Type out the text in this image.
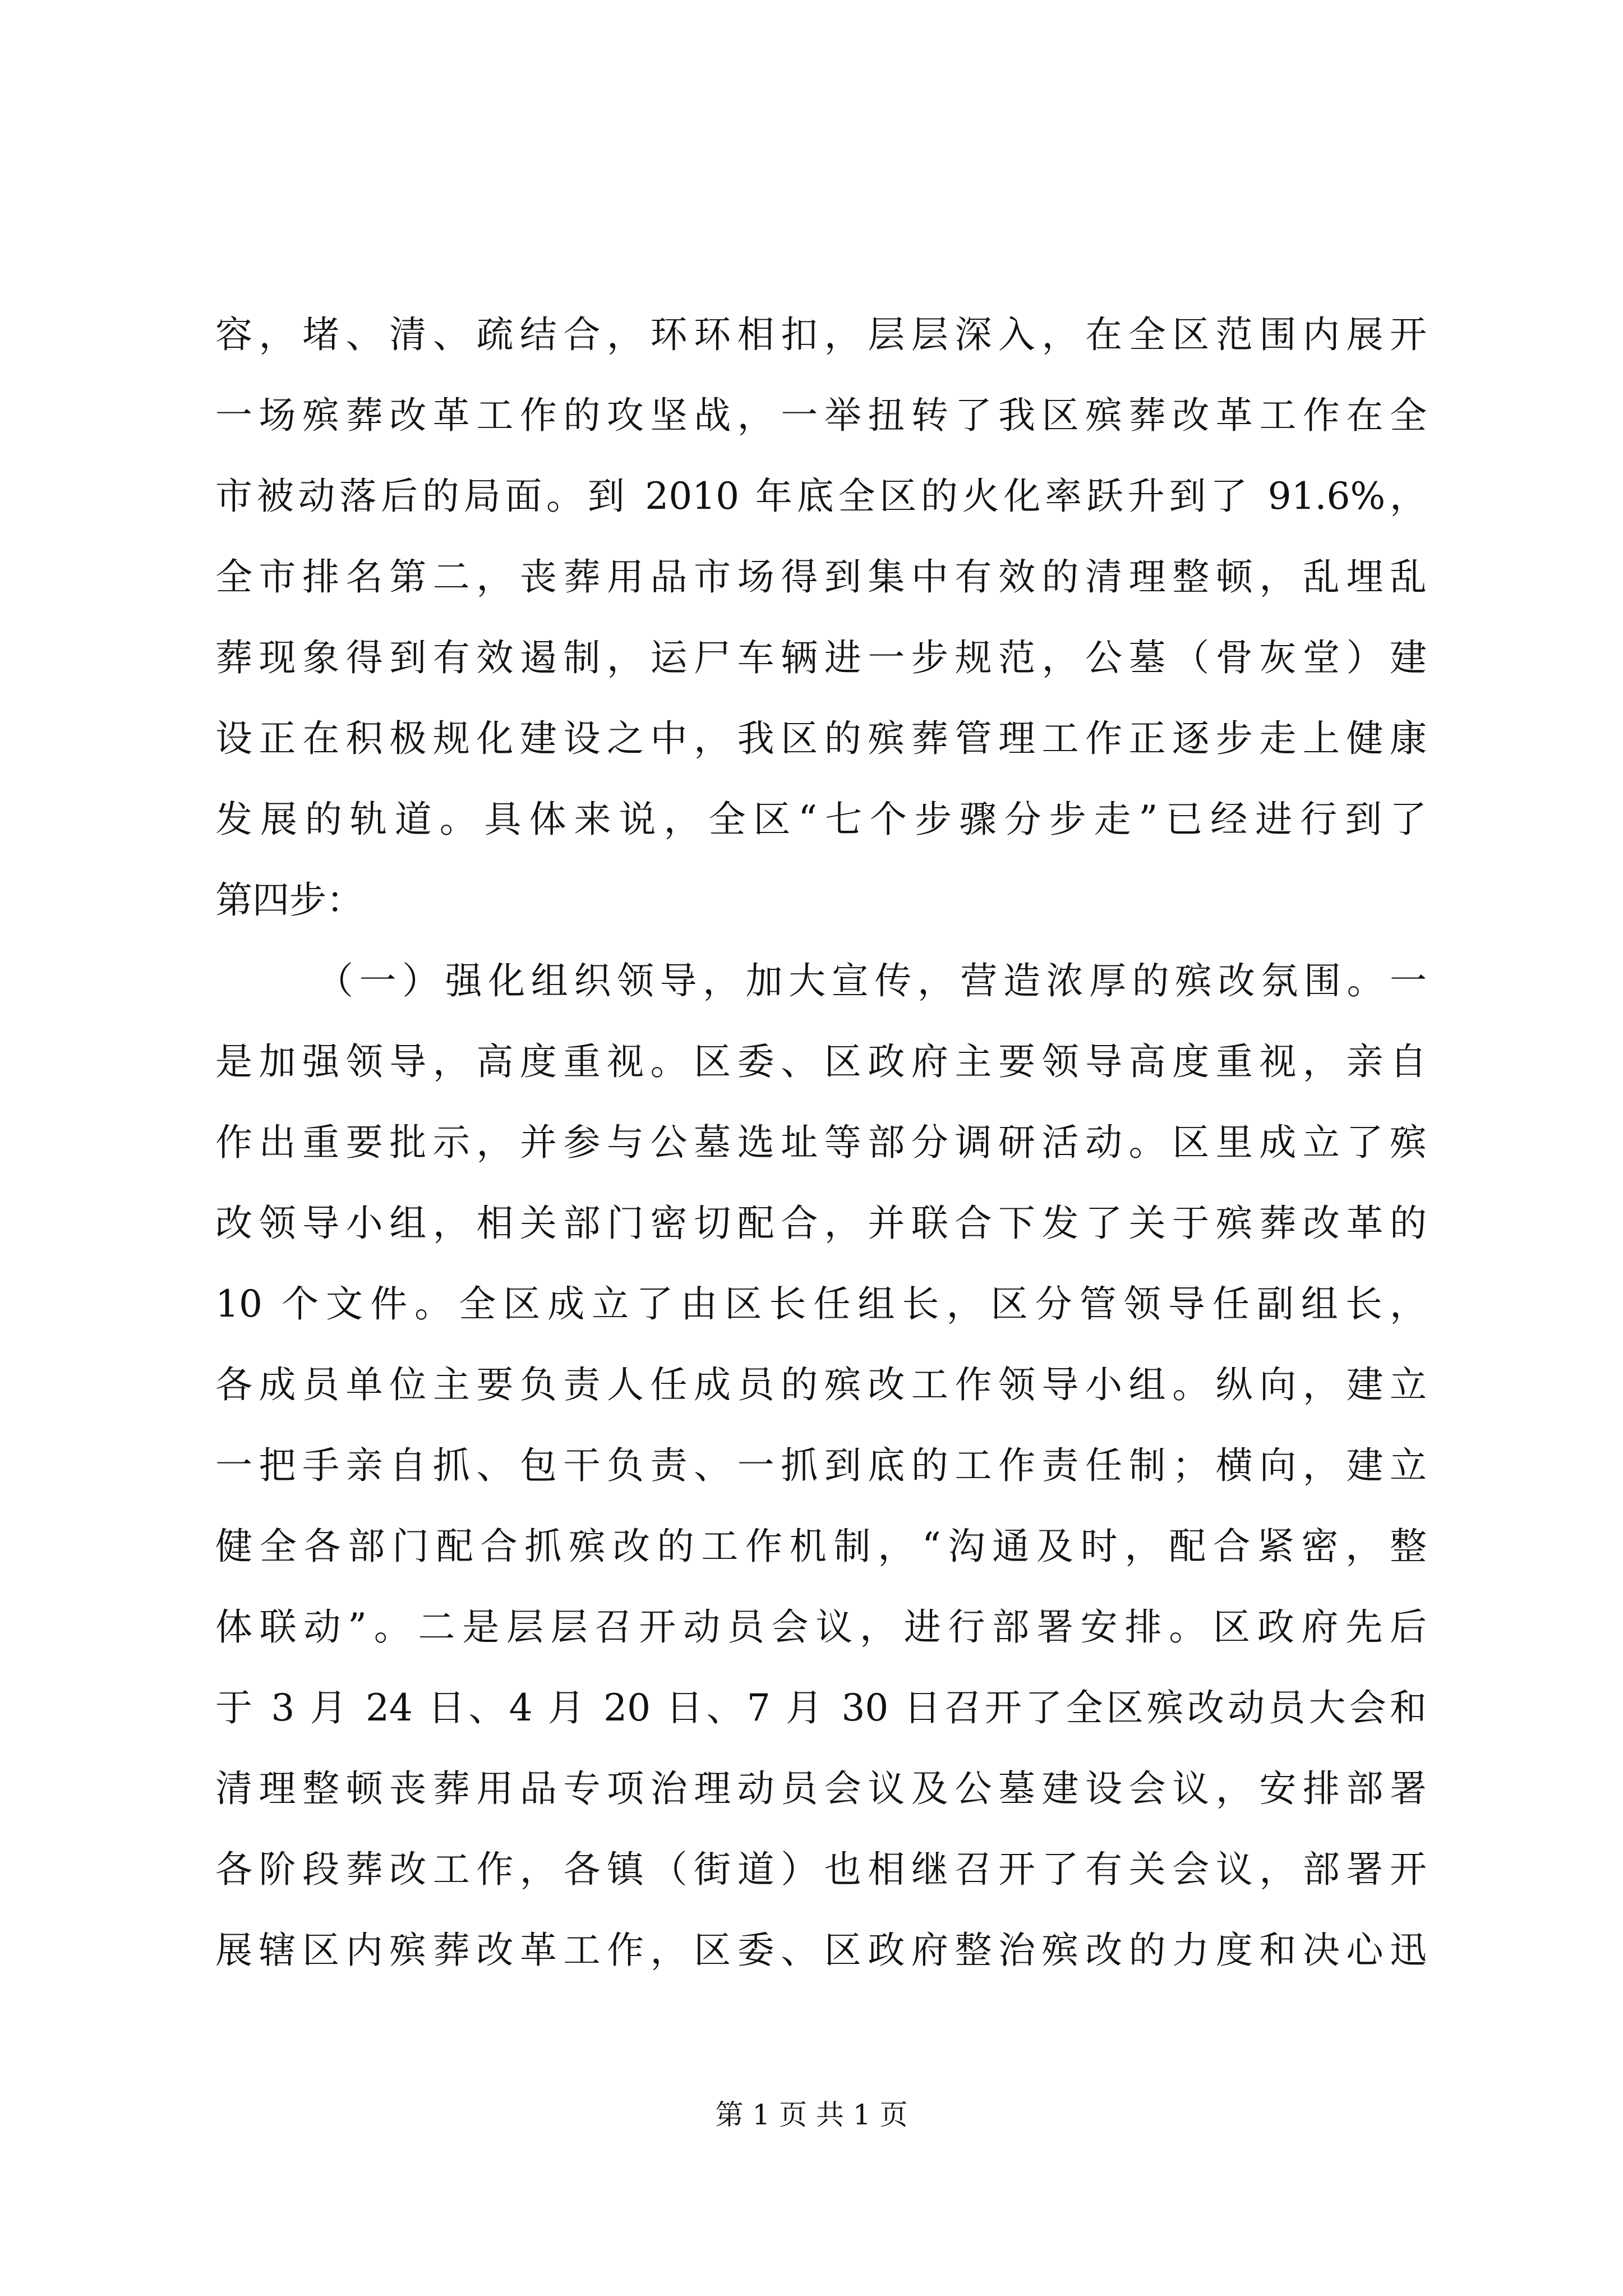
容，堵、清、疏结合，环环相扣，层层深入，在全区范围内展开
一场殡葬改革工作的攻坚战，一举扭转了我区殡葬改革工作在全
市被动落后的局面。到 2010 年底全区的火化率跃升到了 91.6%，
全市排名第二，丧葬用品市场得到集中有效的清理整顿，乱埋乱
葬现象得到有效遏制，运尸车辆进一步规范，公墓（骨灰堂）建
设正在积极规化建设之中，我区的殡葬管理工作正逐步走上健康
发展的轨道。具体来说，全区“七个步骤分步走”已经进行到了
第四步：
（一）强化组织领导，加大宣传，营造浓厚的殡改氛围。一
是加强领导，高度重视。区委、区政府主要领导高度重视，亲自
作出重要批示，并参与公墓选址等部分调研活动。区里成立了殡
改领导小组，相关部门密切配合，并联合下发了关于殡葬改革的
10 个文件。全区成立了由区长任组长，区分管领导任副组长，
各成员单位主要负责人任成员的殡改工作领导小组。纵向，建立
一把手亲自抓、包干负责、一抓到底的工作责任制；横向，建立
健全各部门配合抓殡改的工作机制，“沟通及时，配合紧密，整
体联动”。二是层层召开动员会议，进行部署安排。区政府先后
于 3 月 24 日、4 月 20 日、7 月 30 日召开了全区殡改动员大会和
清理整顿丧葬用品专项治理动员会议及公墓建设会议，安排部署
各阶段葬改工作，各镇（街道）也相继召开了有关会议，部署开
展辖区内殡葬改革工作，区委、区政府整治殡改的力度和决心迅
第 1 页 共 1 页
